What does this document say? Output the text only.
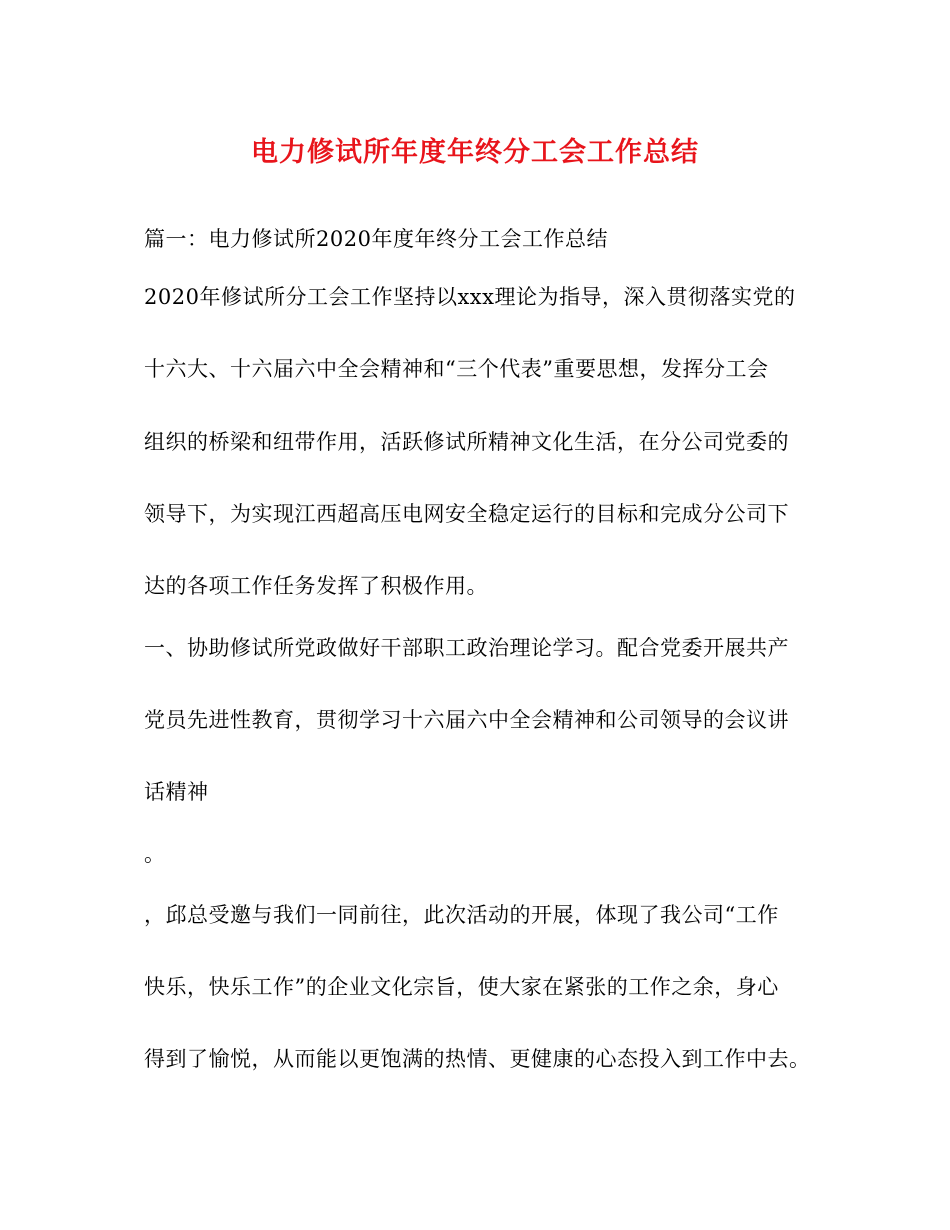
电力修试所年度年终分工会工作总结
篇一：电力修试所2020年度年终分工会工作总结
2020年修试所分工会工作坚持以xxx理论为指导，深入贯彻落实党的
十六大、十六届六中全会精神和“三个代表”重要思想，发挥分工会
组织的桥梁和纽带作用，活跃修试所精神文化生活，在分公司党委的
领导下，为实现江西超高压电网安全稳定运行的目标和完成分公司下
达的各项工作任务发挥了积极作用。
一、协助修试所党政做好干部职工政治理论学习。配合党委开展共产
党员先进性教育，贯彻学习十六届六中全会精神和公司领导的会议讲
话精神
。
，邱总受邀与我们一同前往，此次活动的开展，体现了我公司“工作
快乐，快乐工作”的企业文化宗旨，使大家在紧张的工作之余，身心
得到了愉悦，从而能以更饱满的热情、更健康的心态投入到工作中去。
